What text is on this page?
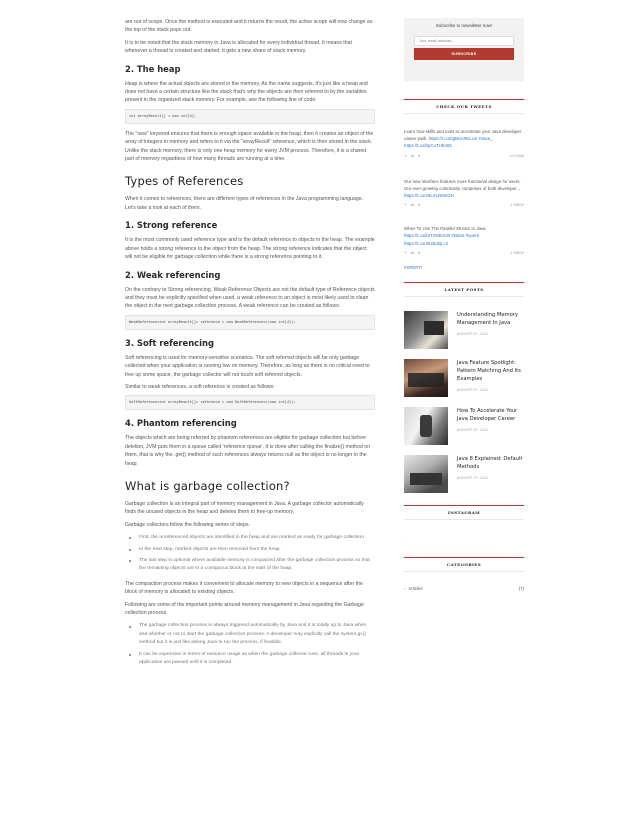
are out of scope. Once the method is executed and it returns the result, the active scope will now change as the top of the stack pops out.

It is to be noted that the stack memory in Java is allocated for every individual thread. It means that whenever a thread is created and started, it gets a new share of stack memory.

2. The heap

Heap is where the actual objects are stored in the memory. As the name suggests, it's just like a heap and does not have a certain structure like the stack that's why the objects are then referred to by the variables present in the organized stack memory. For example, see the following line of code:

int arrayResult[] = new int[4];

The "new" keyword ensures that there is enough space available in the heap, then it creates an object of the array of integers in memory and refers to it via the "arrayResult" reference, which is then stored in the stack. Unlike the stack memory, there is only one heap memory for every JVM process. Therefore, it is a shared part of memory regardless of how many threads are running at a time.

Types of References

When it comes to references, there are different types of references in the Java programming language. Let's take a look at each of them.

1. Strong reference

It is the most commonly used reference type and is the default reference to objects in the heap. The example above holds a strong reference to the object from the heap. The strong reference indicates that the object will not be eligible for garbage collection while there is a strong reference pointing to it.

2. Weak referencing

On the contrary to Strong referencing, Weak Reference Objects are not the default type of Reference objects and they must be explicitly specified when used, a weak reference to an object is most likely used to clean the object in the next garbage collection process. A weak reference can be created as follows:

WeakReference<int arrayResult[]> reference = new WeakReference<>(new int[4]);
3. Soft referencing

Soft referencing is used for memory-sensitive scenarios. The soft referred objects will be only garbage collected when your application is running low on memory. Therefore, as long as there is no critical need to free up some space, the garbage collector will not touch soft referred objects.

Similar to weak references, a soft reference is created as follows:

SoftReference<int arrayResult[]> reference = new SoftReference<>(new int[4]);
4. Phantom referencing

The objects which are being referred by phantom references are eligible for garbage collection but before deletion, JVM puts them in a queue called 'reference queue'. It is done after calling the finalize() method on them, that is why the .get() method of such references always returns null as the object is no longer in the heap.

What is garbage collection?

Garbage collection is an integral part of memory management in Java. A garbage collector automatically finds the unused objects in the heap and deletes them to free-up memory.

Garbage collectors follow the following series of steps.

First, the unreferenced objects are identified in the heap and are marked as ready for garbage collection.
In the next step, marked objects are then removed from the heap.
The last step is optional where available memory is compacted after the garbage collection process so that the remaining objects are in a contiguous block at the start of the heap.

The compaction process makes it convenient to allocate memory to new objects in a sequence after the block of memory is allocated to existing objects.

Following are some of the important points around memory management in Java regarding the Garbage collection process.

The garbage collection process is always triggered automatically by Java and it is totally up to Java when and whether or not to start the garbage collection process. A developer may explicitly call the system.gc() method but it is just like asking Java to run the process, if feasible.
It can be expensive in terms of resource usage as when the garbage collector runs, all threads in your application are paused until it is completed.
Subscribe to newsletter now!
Your email address...
SUBSCRIBE
CHECK OUR TWEETS
Learn how skills and tools to accelerate your Java developer career path. https://t.co/0gNUo0KLUn #Java_ https://t.co/bpCuTHEx82
↰ ⇄ ♥	10:10AM
Our new interface features more functional design for users. Our ever-growing community comprises of both developer... https://t.co/29LXLRKEOH
↰ ⇄ ♥	1 WEEK
When To Use The Parallel Stream In Java
https://t.co/k2TG5bOU0 #talent #xperti https://t.co/2825d2jLc2
↰ ⇄ ♥	1 WEEK
#XPERTI
LATEST POSTS
Understanding Memory Management In Java
AUGUST 21, 2021
Java Feature Spotlight: Pattern Matching And Its Examples
AUGUST 27, 2021
How To Accelerate Your Java Developer Career
AUGUST 20, 2021
Java 8 Explained: Default Methods
AUGUST 17, 2021
INSTAGRAM
...
CATEGORIES
› Articles	(7)
